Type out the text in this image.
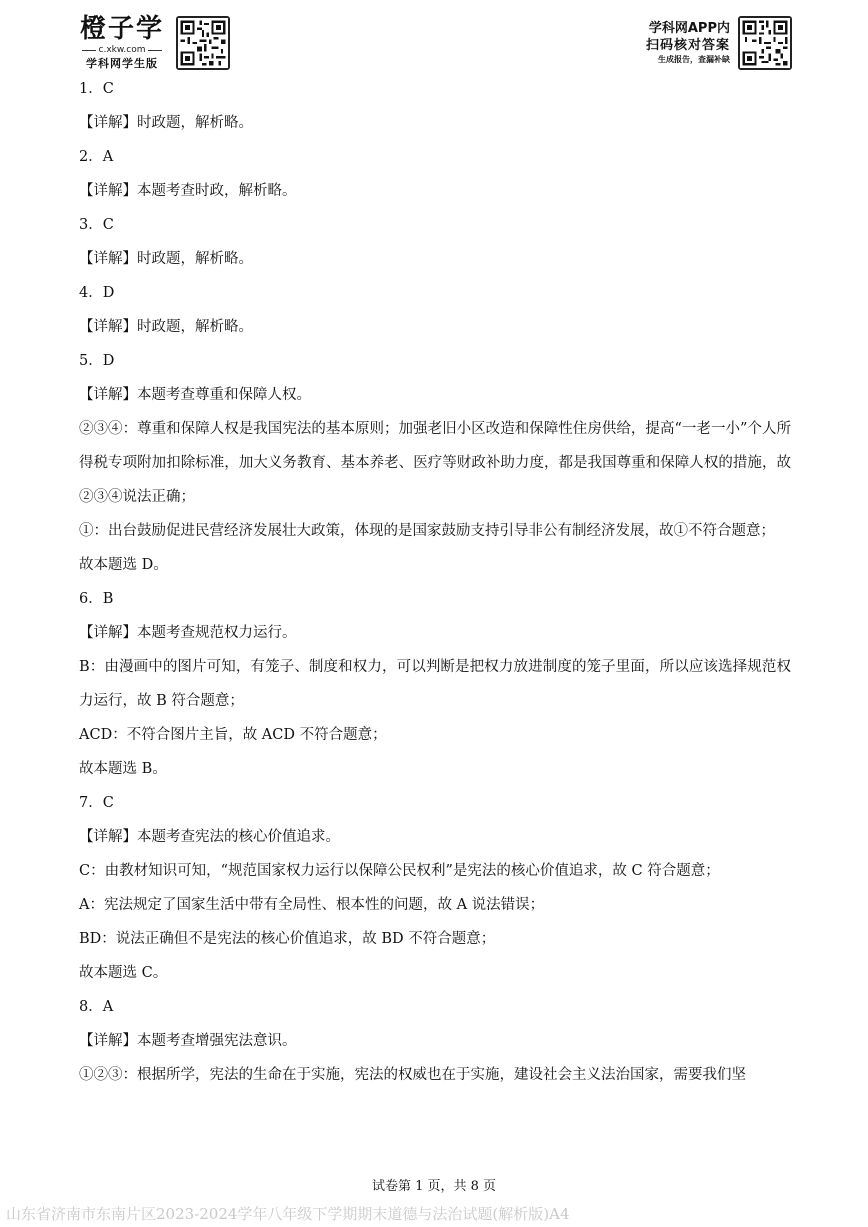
橙子学
c.xkw.com
学科网学生版
学科网APP内
扫码核对答案
生成报告，查漏补缺
1．C
【详解】时政题，解析略。
2．A
【详解】本题考查时政，解析略。
3．C
【详解】时政题，解析略。
4．D
【详解】时政题，解析略。
5．D
【详解】本题考查尊重和保障人权。
②③④：尊重和保障人权是我国宪法的基本原则；加强老旧小区改造和保障性住房供给，提高“一老一小”个人所得税专项附加扣除标准，加大义务教育、基本养老、医疗等财政补助力度，都是我国尊重和保障人权的措施，故②③④说法正确；
①：出台鼓励促进民营经济发展壮大政策，体现的是国家鼓励支持引导非公有制经济发展，故①不符合题意；
故本题选 D。
6．B
【详解】本题考查规范权力运行。
B：由漫画中的图片可知，有笼子、制度和权力，可以判断是把权力放进制度的笼子里面，所以应该选择规范权力运行，故 B 符合题意；
ACD：不符合图片主旨，故 ACD 不符合题意；
故本题选 B。
7．C
【详解】本题考查宪法的核心价值追求。
C：由教材知识可知，“规范国家权力运行以保障公民权利”是宪法的核心价值追求，故 C 符合题意；
A：宪法规定了国家生活中带有全局性、根本性的问题，故 A 说法错误；
BD：说法正确但不是宪法的核心价值追求，故 BD 不符合题意；
故本题选 C。
8．A
【详解】本题考查增强宪法意识。
①②③：根据所学，宪法的生命在于实施，宪法的权威也在于实施，建设社会主义法治国家，需要我们坚
试卷第 1 页，共 8 页
山东省济南市东南片区2023-2024学年八年级下学期期末道德与法治试题(解析版)A4
